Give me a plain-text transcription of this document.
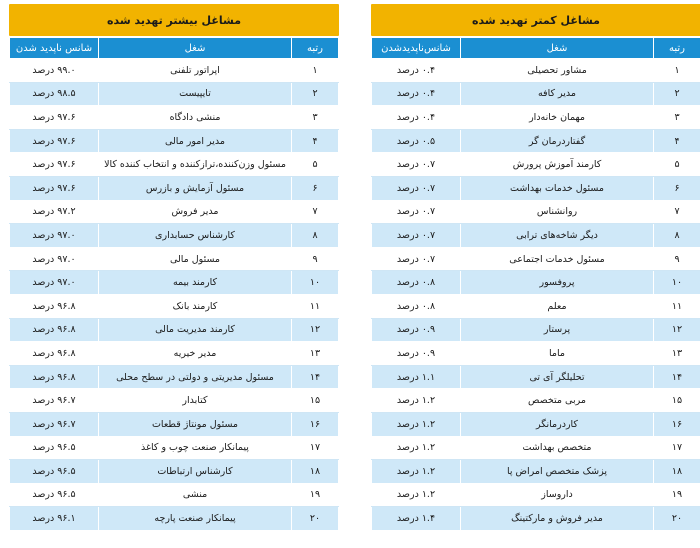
مشاغل بیشتر تهدید شده
رتبه	شغل	شانس ناپدید شدن
۱	اپراتور تلفنی	۹۹.۰ درصد
۲	تایپیست	۹۸.۵ درصد
۳	منشی دادگاه	۹۷.۶ درصد
۴	مدیر امور مالی	۹۷.۶ درصد
۵	مسئول وزن‌کننده،ترازکننده و انتخاب کننده کالا	۹۷.۶ درصد
۶	مسئول آزمایش و بازرس	۹۷.۶ درصد
۷	مدیر فروش	۹۷.۲ درصد
۸	کارشناس حسابداری	۹۷.۰ درصد
۹	مسئول مالی	۹۷.۰ درصد
۱۰	کارمند بیمه	۹۷.۰ درصد
۱۱	کارمند بانک	۹۶.۸ درصد
۱۲	کارمند مدیریت مالی	۹۶.۸ درصد
۱۳	مدیر خیریه	۹۶.۸ درصد
۱۴	مسئول مدیریتی و دولتی در سطح محلی	۹۶.۸ درصد
۱۵	کتابدار	۹۶.۷ درصد
۱۶	مسئول مونتاژ قطعات	۹۶.۷ درصد
۱۷	پیمانکار صنعت چوب و کاغذ	۹۶.۵ درصد
۱۸	کارشناس ارتباطات	۹۶.۵ درصد
۱۹	منشی	۹۶.۵ درصد
۲۰	پیمانکار صنعت پارچه	۹۶.۱ درصد
مشاغل کمتر تهدید شده
رتبه	شغل	شانس‌ناپدیدشدن
۱	مشاور تحصیلی	۰.۴ درصد
۲	مدیر کافه	۰.۴ درصد
۳	مهمان خانه‌دار	۰.۴ درصد
۴	گفتاردرمان گر	۰.۵ درصد
۵	کارمند آموزش پرورش	۰.۷ درصد
۶	مسئول خدمات بهداشت	۰.۷ درصد
۷	روانشناس	۰.۷ درصد
۸	دیگر شاخه‌های ترابی	۰.۷ درصد
۹	مسئول خدمات اجتماعی	۰.۷ درصد
۱۰	پروفسور	۰.۸ درصد
۱۱	معلم	۰.۸ درصد
۱۲	پرستار	۰.۹ درصد
۱۳	ماما	۰.۹ درصد
۱۴	تحلیلگر آی تی	۱.۱ درصد
۱۵	مربی متخصص	۱.۲ درصد
۱۶	کاردرمانگر	۱.۲ درصد
۱۷	متخصص بهداشت	۱.۲ درصد
۱۸	پزشک متخصص امراض پا	۱.۲ درصد
۱۹	داروساز	۱.۲ درصد
۲۰	مدیر فروش و مارکتینگ	۱.۴ درصد
